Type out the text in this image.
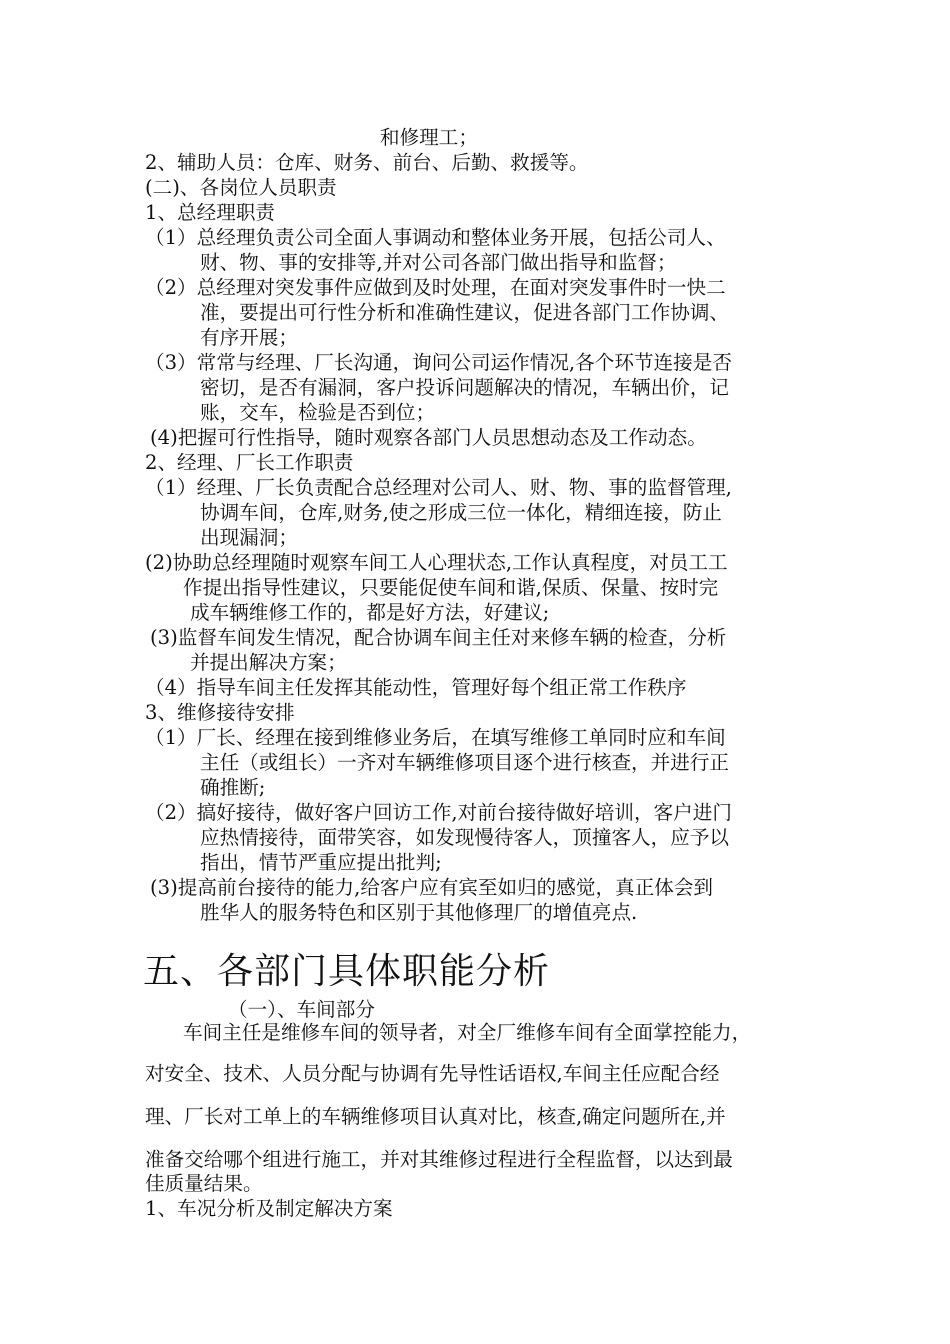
和修理工；
2、辅助人员：仓库、财务、前台、后勤、救援等。
(二)、各岗位人员职责
1、总经理职责
（1）总经理负责公司全面人事调动和整体业务开展，包括公司人、
财、物、事的安排等,并对公司各部门做出指导和监督；
（2）总经理对突发事件应做到及时处理，在面对突发事件时一快二
准，要提出可行性分析和准确性建议，促进各部门工作协调、
有序开展；
（3）常常与经理、厂长沟通，询问公司运作情况,各个环节连接是否
密切，是否有漏洞，客户投诉问题解决的情况，车辆出价，记
账，交车，检验是否到位；
(4)把握可行性指导，随时观察各部门人员思想动态及工作动态。
2、经理、厂长工作职责
（1）经理、厂长负责配合总经理对公司人、财、物、事的监督管理,
协调车间，仓库,财务,使之形成三位一体化，精细连接，防止
出现漏洞；
(2)协助总经理随时观察车间工人心理状态,工作认真程度，对员工工
作提出指导性建议，只要能促使车间和谐,保质、保量、按时完
成车辆维修工作的，都是好方法，好建议;
(3)监督车间发生情况，配合协调车间主任对来修车辆的检查，分析
并提出解决方案；
（4）指导车间主任发挥其能动性，管理好每个组正常工作秩序
3、维修接待安排
（1）厂长、经理在接到维修业务后，在填写维修工单同时应和车间
主任（或组长）一齐对车辆维修项目逐个进行核查，并进行正
确推断;
（2）搞好接待，做好客户回访工作,对前台接待做好培训，客户进门
应热情接待，面带笑容，如发现慢待客人，顶撞客人，应予以
指出，情节严重应提出批判;
(3)提高前台接待的能力,给客户应有宾至如归的感觉，真正体会到
胜华人的服务特色和区别于其他修理厂的增值亮点.
五、各部门具体职能分析
（一）、车间部分
车间主任是维修车间的领导者，对全厂维修车间有全面掌控能力，
对安全、技术、人员分配与协调有先导性话语权,车间主任应配合经
理、厂长对工单上的车辆维修项目认真对比，核查,确定问题所在,并
准备交给哪个组进行施工，并对其维修过程进行全程监督，以达到最
佳质量结果。
1、车况分析及制定解决方案
